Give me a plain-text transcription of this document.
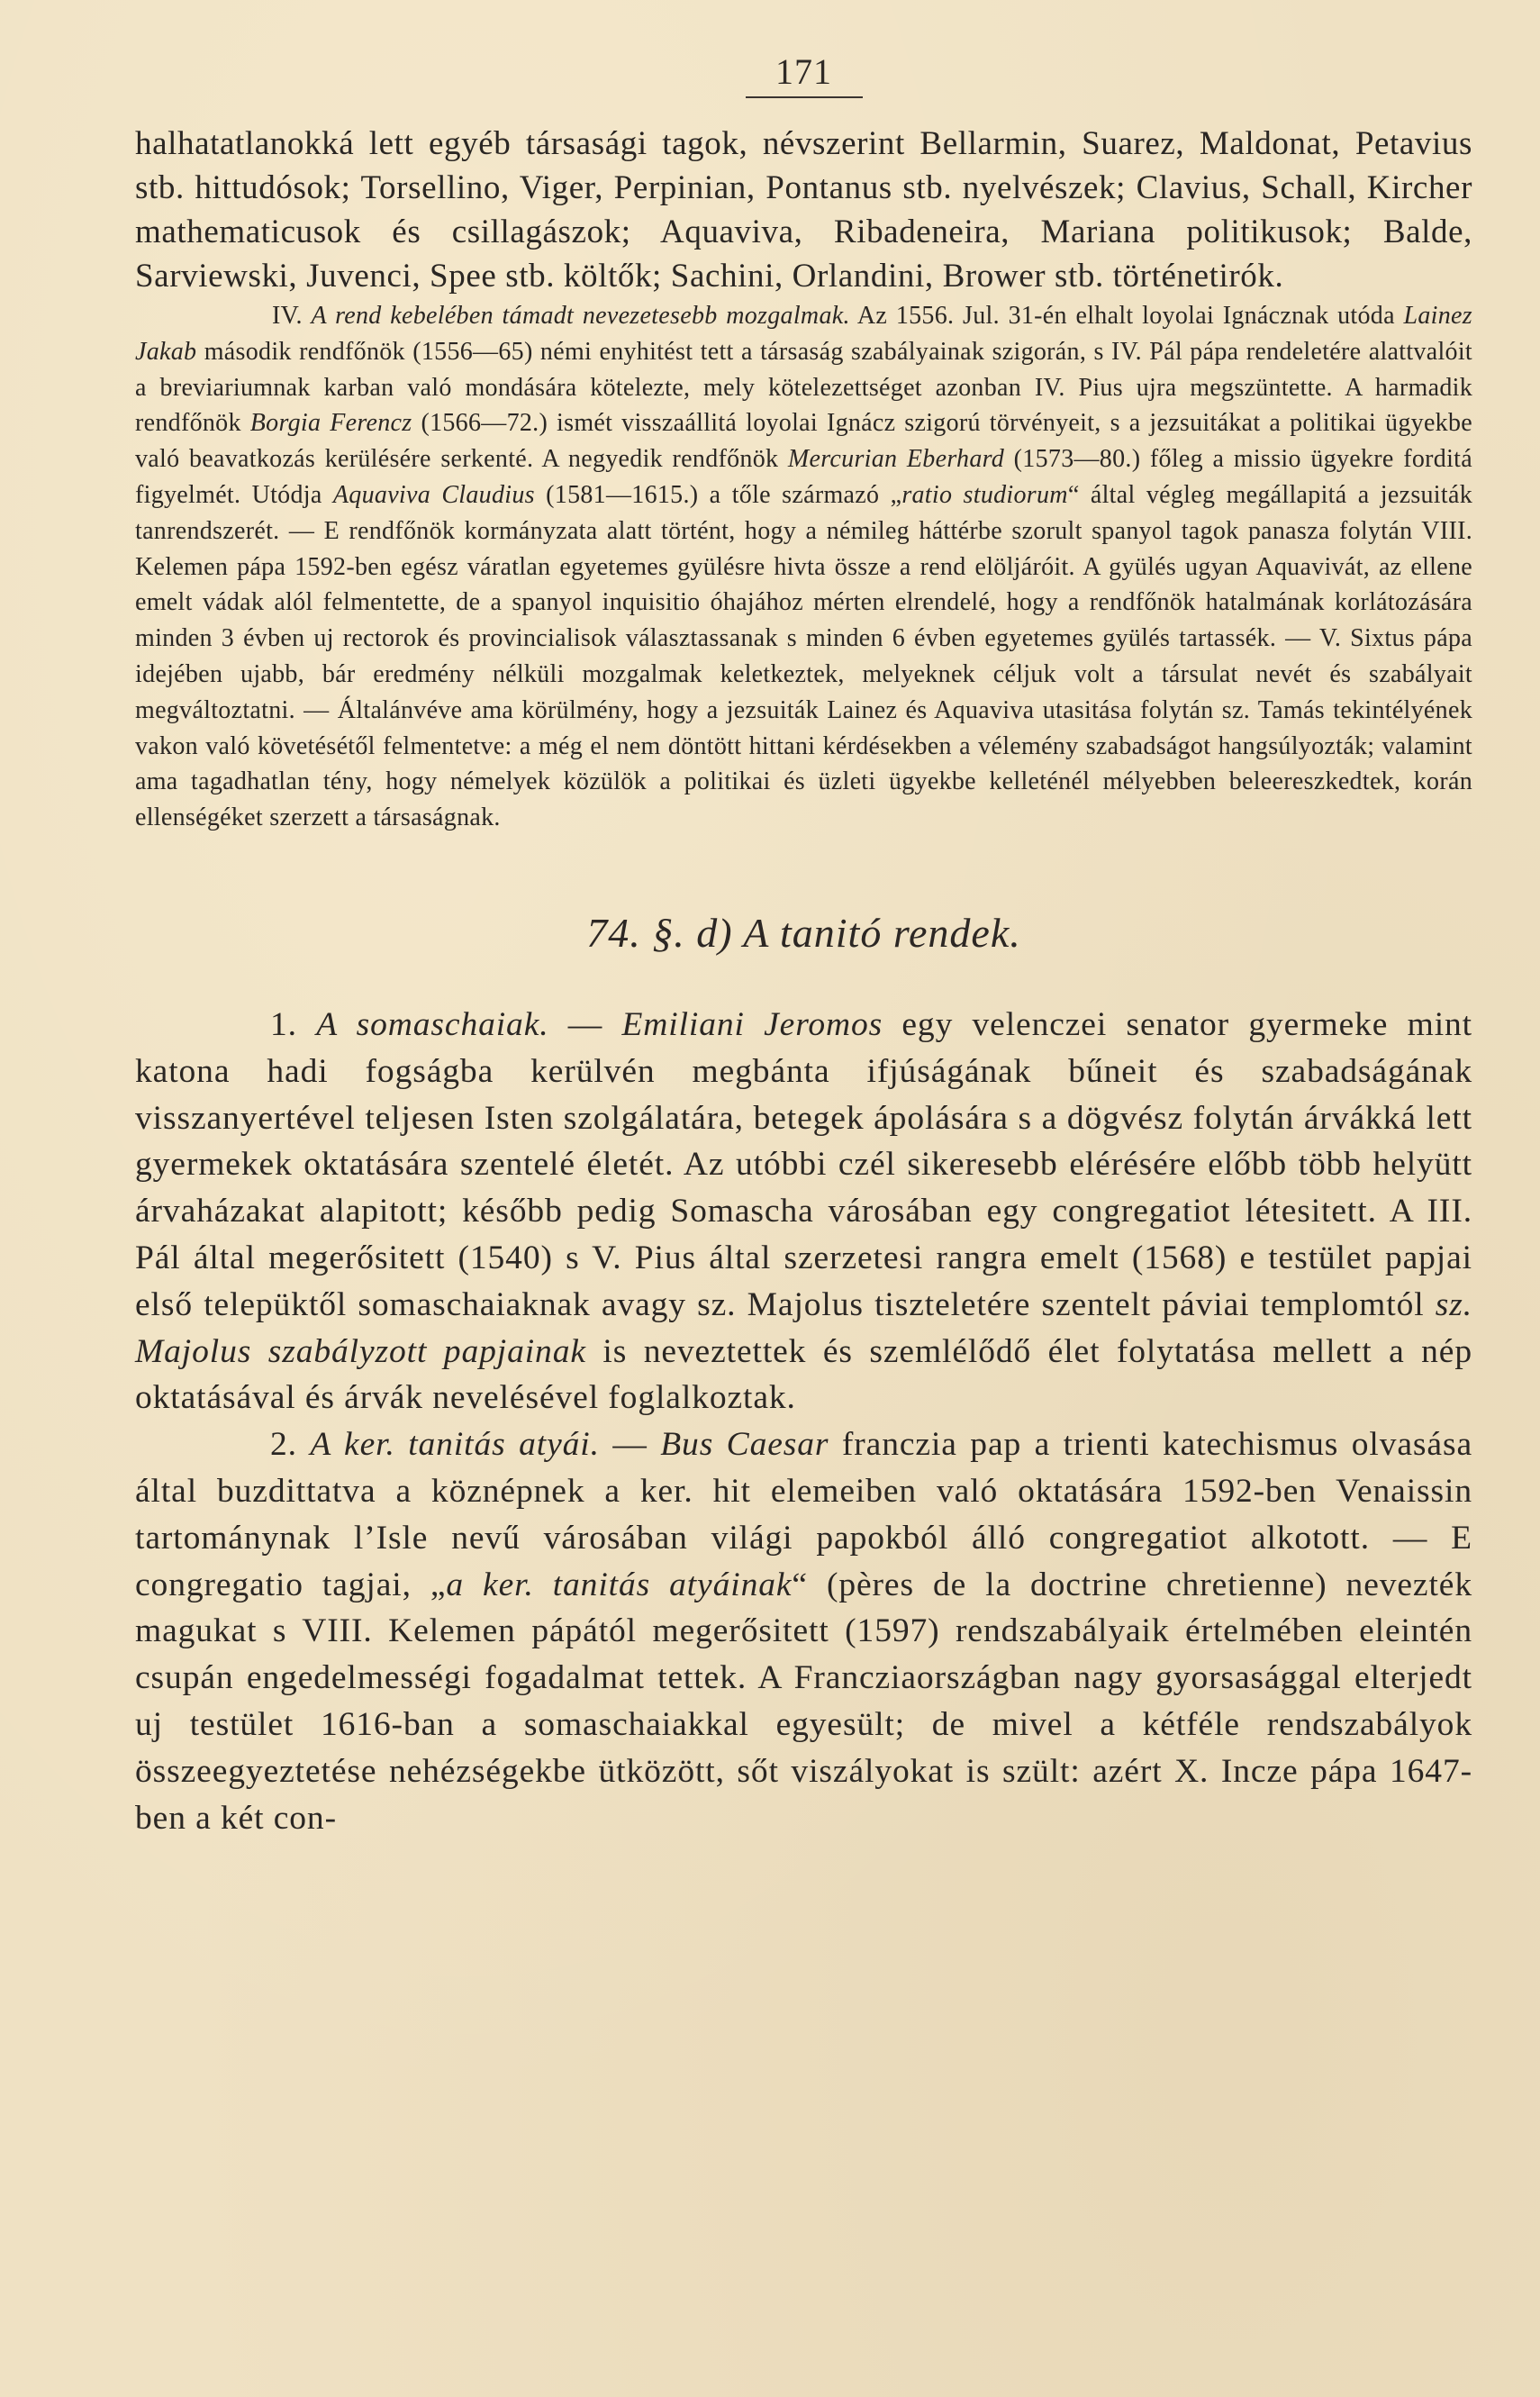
171

halhatatlanokká lett egyéb társasági tagok, névszerint Bellarmin, Suarez, Maldonat, Petavius stb. hittudósok; Torsellino, Viger, Perpinian, Pontanus stb. nyelvészek; Clavius, Schall, Kircher mathematicusok és csillagászok; Aquaviva, Ribadeneira, Mariana politikusok; Balde, Sarviewski, Juvenci, Spee stb. költők; Sachini, Orlandini, Brower stb. történetirók.

IV. A rend kebelében támadt nevezetesebb mozgalmak. Az 1556. Jul. 31-én elhalt loyolai Ignácznak utóda Lainez Jakab második rendfőnök (1556—65) némi enyhitést tett a társaság szabályainak szigorán, s IV. Pál pápa rendeletére alattvalóit a breviariumnak karban való mondására kötelezte, mely kötelezettséget azonban IV. Pius ujra megszüntette. A harmadik rendfőnök Borgia Ferencz (1566—72.) ismét visszaállitá loyolai Ignácz szigorú törvényeit, s a jezsuitákat a politikai ügyekbe való beavatkozás kerülésére serkenté. A negyedik rendfőnök Mercurian Eberhard (1573—80.) főleg a missio ügyekre forditá figyelmét. Utódja Aquaviva Claudius (1581—1615.) a tőle származó „ratio studiorum“ által végleg megállapitá a jezsuiták tanrendszerét. — E rendfőnök kormányzata alatt történt, hogy a némileg háttérbe szorult spanyol tagok panasza folytán VIII. Kelemen pápa 1592-ben egész váratlan egyetemes gyülésre hivta össze a rend elöljáróit. A gyülés ugyan Aquavivát, az ellene emelt vádak alól felmentette, de a spanyol inquisitio óhajához mérten elrendelé, hogy a rendfőnök hatalmának korlátozására minden 3 évben uj rectorok és provincialisok választassanak s minden 6 évben egyetemes gyülés tartassék. — V. Sixtus pápa idejében ujabb, bár eredmény nélküli mozgalmak keletkeztek, melyeknek céljuk volt a társulat nevét és szabályait megváltoztatni. — Általánvéve ama körülmény, hogy a jezsuiták Lainez és Aquaviva utasitása folytán sz. Tamás tekintélyének vakon való követésétől felmentetve: a még el nem döntött hittani kérdésekben a vélemény szabadságot hangsúlyozták; valamint ama tagadhatlan tény, hogy némelyek közülök a politikai és üzleti ügyekbe kelleténél mélyebben beleereszkedtek, korán ellenségéket szerzett a társaságnak.

74. §. d) A tanitó rendek.

1. A somaschaiak. — Emiliani Jeromos egy velenczei senator gyermeke mint katona hadi fogságba kerülvén megbánta ifjúságának bűneit és szabadságának visszanyertével teljesen Isten szolgálatára, betegek ápolására s a dögvész folytán árvákká lett gyermekek oktatására szentelé életét. Az utóbbi czél sikeresebb elérésére előbb több helyütt árvaházakat alapitott; később pedig Somascha városában egy congregatiot létesitett. A III. Pál által megerősitett (1540) s V. Pius által szerzetesi rangra emelt (1568) e testület papjai első telepüktől somaschaiaknak avagy sz. Majolus tiszteletére szentelt páviai templomtól sz. Majolus szabályzott papjainak is neveztettek és szemlélődő élet folytatása mellett a nép oktatásával és árvák nevelésével foglalkoztak.

2. A ker. tanitás atyái. — Bus Caesar franczia pap a trienti katechismus olvasása által buzdittatva a köznépnek a ker. hit elemeiben való oktatására 1592-ben Venaissin tartománynak l’Isle nevű városában világi papokból álló congregatiot alkotott. — E congregatio tagjai, „a ker. tanitás atyáinak“ (pères de la doctrine chretienne) nevezték magukat s VIII. Kelemen pápától megerősitett (1597) rendszabályaik értelmében eleintén csupán engedelmességi fogadalmat tettek. A Francziaországban nagy gyorsasággal elterjedt uj testület 1616-ban a somaschaiakkal egyesült; de mivel a kétféle rendszabályok összeegyeztetése nehézségekbe ütközött, sőt viszályokat is szült: azért X. Incze pápa 1647-ben a két con-
